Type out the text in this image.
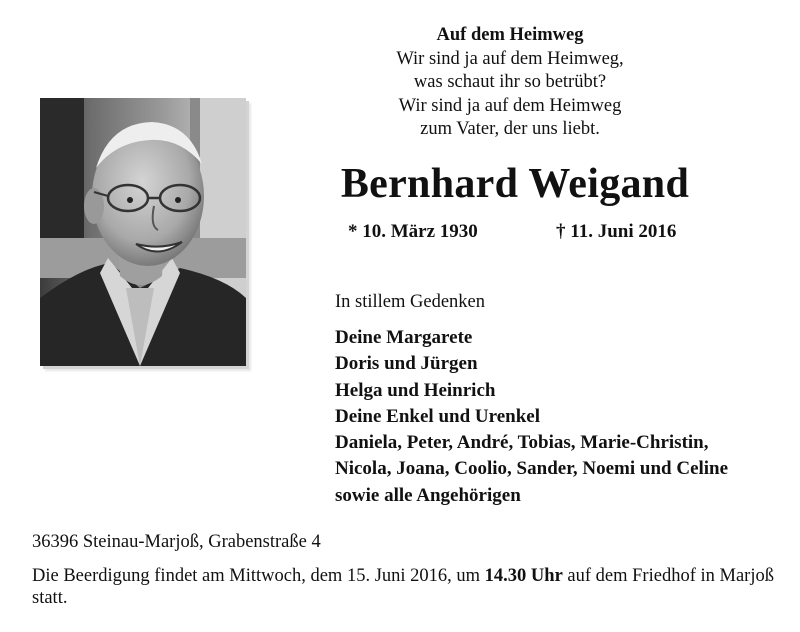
Auf dem Heimweg
Wir sind ja auf dem Heimweg,
was schaut ihr so betrübt?
Wir sind ja auf dem Heimweg
zum Vater, der uns liebt.
Bernhard Weigand
* 10. März 1930	† 11. Juni 2016
In stillem Gedenken
Deine Margarete
Doris und Jürgen
Helga und Heinrich
Deine Enkel und Urenkel
Daniela, Peter, André, Tobias, Marie-Christin,
Nicola, Joana, Coolio, Sander, Noemi und Celine
sowie alle Angehörigen
36396 Steinau-Marjoß, Grabenstraße 4
Die Beerdigung findet am Mittwoch, dem 15. Juni 2016, um 14.30 Uhr auf dem Friedhof in Marjoß statt.
